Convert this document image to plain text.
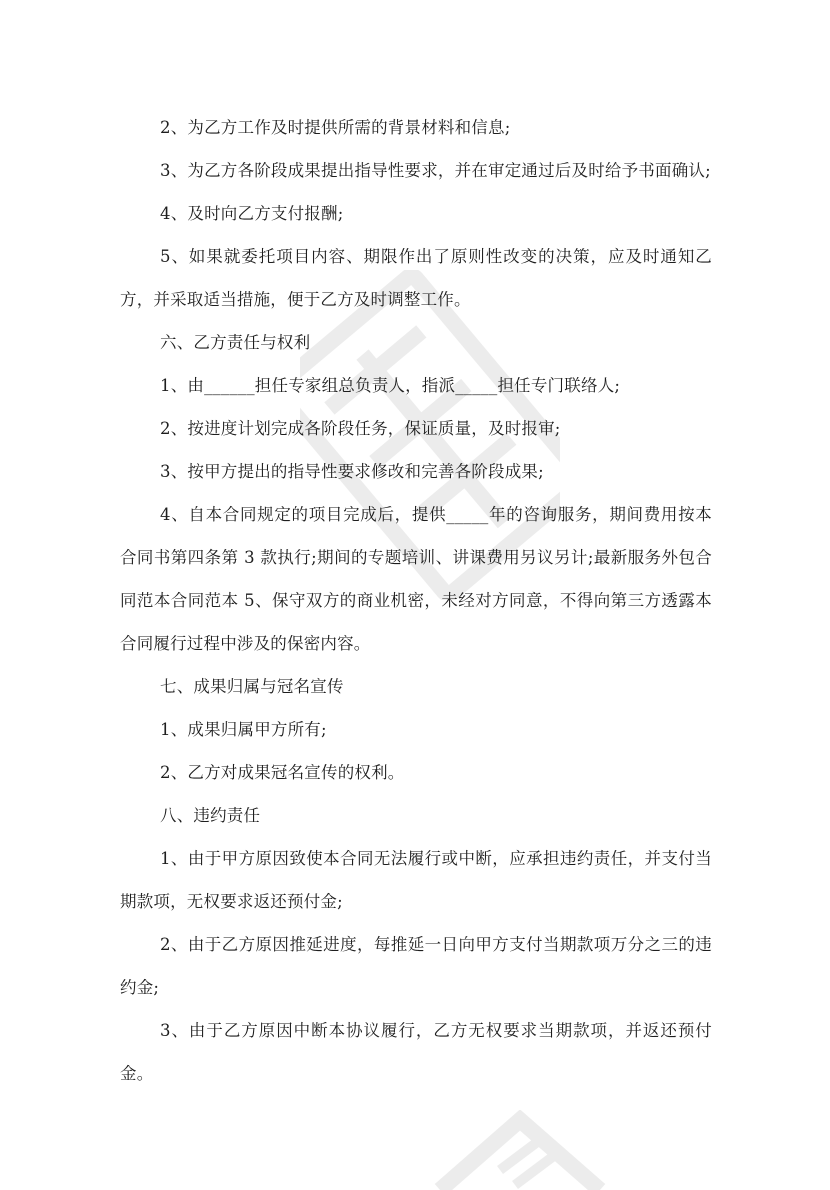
2、为乙方工作及时提供所需的背景材料和信息;

3、为乙方各阶段成果提出指导性要求，并在审定通过后及时给予书面确认;

4、及时向乙方支付报酬;

5、如果就委托项目内容、期限作出了原则性改变的决策，应及时通知乙方，并采取适当措施，便于乙方及时调整工作。

六、乙方责任与权利

1、由______担任专家组总负责人，指派_____担任专门联络人;

2、按进度计划完成各阶段任务，保证质量，及时报审;

3、按甲方提出的指导性要求修改和完善各阶段成果;

4、自本合同规定的项目完成后，提供_____年的咨询服务，期间费用按本合同书第四条第 3 款执行;期间的专题培训、讲课费用另议另计;最新服务外包合同范本合同范本 5、保守双方的商业机密，未经对方同意，不得向第三方透露本合同履行过程中涉及的保密内容。

七、成果归属与冠名宣传

1、成果归属甲方所有;

2、乙方对成果冠名宣传的权利。

八、违约责任

1、由于甲方原因致使本合同无法履行或中断，应承担违约责任，并支付当期款项，无权要求返还预付金;

2、由于乙方原因推延进度，每推延一日向甲方支付当期款项万分之三的违约金;

3、由于乙方原因中断本协议履行，乙方无权要求当期款项，并返还预付金。
